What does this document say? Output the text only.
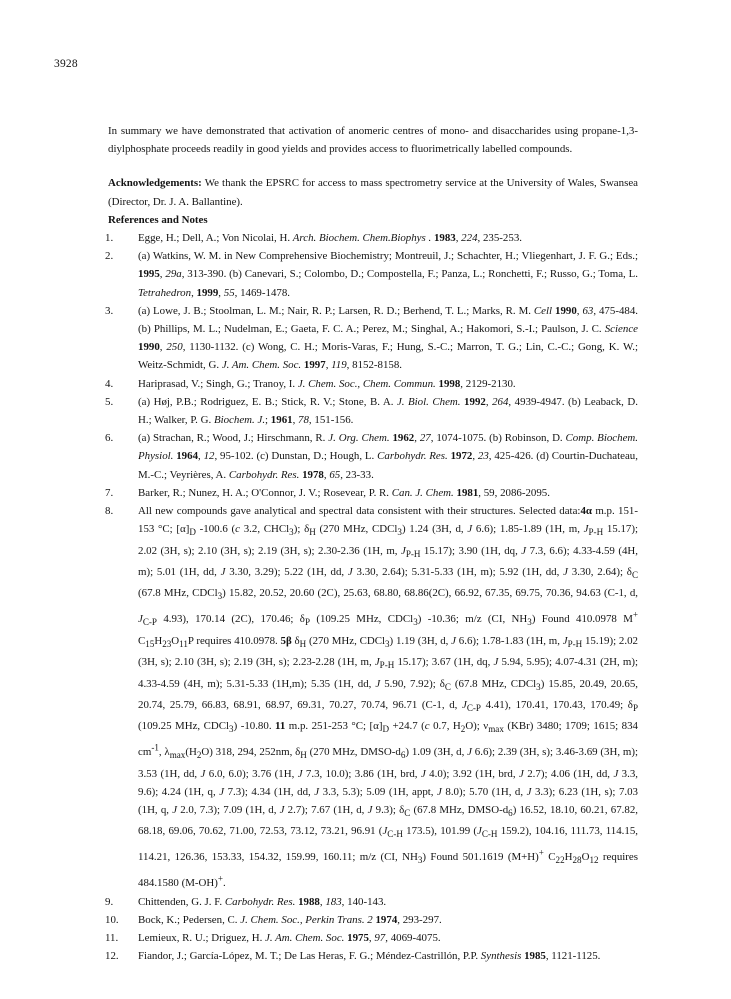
3928

In summary we have demonstrated that activation of anomeric centres of mono- and disaccharides using propane-1,3-diylphosphate proceeds readily in good yields and provides access to fluorimetrically labelled compounds.

Acknowledgements: We thank the EPSRC for access to mass spectrometry service at the University of Wales, Swansea (Director, Dr. J. A. Ballantine).

References and Notes

1. Egge, H.; Dell, A.; Von Nicolai, H. Arch. Biochem. Chem.Biophys . 1983, 224, 235-253.
2. (a) Watkins, W. M. in New Comprehensive Biochemistry; Montreuil, J.; Schachter, H.; Vliegenhart, J. F. G.; Eds.; 1995, 29a, 313-390. (b) Canevari, S.; Colombo, D.; Compostella, F.; Panza, L.; Ronchetti, F.; Russo, G.; Toma, L. Tetrahedron, 1999, 55, 1469-1478.
3. (a) Lowe, J. B.; Stoolman, L. M.; Nair, R. P.; Larsen, R. D.; Berhend, T. L.; Marks, R. M. Cell 1990, 63, 475-484. (b) Phillips, M. L.; Nudelman, E.; Gaeta, F. C. A.; Perez, M.; Singhal, A.; Hakomori, S.-I.; Paulson, J. C. Science 1990, 250, 1130-1132. (c) Wong, C. H.; Moris-Varas, F.; Hung, S.-C.; Marron, T. G.; Lin, C.-C.; Gong, K. W.; Weitz-Schmidt, G. J. Am. Chem. Soc. 1997, 119, 8152-8158.
4. Hariprasad, V.; Singh, G.; Tranoy, I. J. Chem. Soc., Chem. Commun. 1998, 2129-2130.
5. (a) Høj, P.B.; Rodriguez, E. B.; Stick, R. V.; Stone, B. A. J. Biol. Chem. 1992, 264, 4939-4947. (b) Leaback, D. H.; Walker, P. G. Biochem. J.; 1961, 78, 151-156.
6. (a) Strachan, R.; Wood, J.; Hirschmann, R. J. Org. Chem. 1962, 27, 1074-1075. (b) Robinson, D. Comp. Biochem. Physiol. 1964, 12, 95-102. (c) Dunstan, D.; Hough, L. Carbohydr. Res. 1972, 23, 425-426. (d) Courtin-Duchateau, M.-C.; Veyrières, A. Carbohydr. Res. 1978, 65, 23-33.
7. Barker, R.; Nunez, H. A.; O'Connor, J. V.; Rosevear, P. R. Can. J. Chem. 1981, 59, 2086-2095.
8. All new compounds gave analytical and spectral data consistent with their structures. Selected data:4α m.p. 151-153 °C; $[\alpha]_D$ -100.6 (c 3.2, CHCl$_3$); $\delta_H$ (270 MHz, CDCl$_3$) 1.24 (3H, d, J 6.6); 1.85-1.89 (1H, m, $J_{P-H}$ 15.17); 2.02 (3H, s); 2.10 (3H, s); 2.19 (3H, s); 2.30-2.36 (1H, m, $J_{P-H}$ 15.17); 3.90 (1H, dq, J 7.3, 6.6); 4.33-4.59 (4H, m); 5.01 (1H, dd, J 3.30, 3.29); 5.22 (1H, dd, J 3.30, 2.64); 5.31-5.33 (1H, m); 5.92 (1H, dd, J 3.30, 2.64); $\delta_C$ (67.8 MHz, CDCl$_3$) 15.82, 20.52, 20.60 (2C), 25.63, 68.80, 68.86(2C), 66.92, 67.35, 69.75, 70.36, 94.63 (C-1, d, $J_{C-P}$ 4.93), 170.14 (2C), 170.46; $\delta_P$ (109.25 MHz, CDCl$_3$) -10.36; m/z (CI, $NH_3$) Found 410.0978 M+ $C_{15}H_{23}O_{11}P$ requires 410.0978. 5β $\delta_H$ (270 MHz, CDCl$_3$) 1.19 (3H, d, J 6.6); 1.78-1.83 (1H, m, $J_{P-H}$ 15.19); 2.02 (3H, s); 2.10 (3H, s); 2.19 (3H, s); 2.23-2.28 (1H, m, $J_{P-H}$ 15.17); 3.67 (1H, dq, J 5.94, 5.95); 4.07-4.31 (2H, m); 4.33-4.59 (4H, m); 5.31-5.33 (1H,m); 5.35 (1H, dd, J 5.90, 7.92); $\delta_C$ (67.8 MHz, CDCl$_3$) 15.85, 20.49, 20.65, 20.74, 25.79, 66.83, 68.91, 68.97, 69.31, 70.27, 70.74, 96.71 (C-1, d, $J_{C-P}$ 4.41), 170.41, 170.43, 170.49; $\delta_P$ (109.25 MHz, CDCl$_3$) -10.80. 11 m.p. 251-253 °C; $[\alpha]_D +24.7$ (c 0.7, $H_2O$); $\nu_{max}$ (KBr) 3480; 1709; 1615; 834 $cm^{-1}$, $\lambda_{max}(H_2O)$ 318, 294, 252nm, $\delta_H$ (270 MHz, DMSO-$d_6$) 1.09 (3H, d, J 6.6); 2.39 (3H, s); 3.46-3.69 (3H, m); 3.53 (1H, dd, J 6.0, 6.0); 3.76 (1H, J 7.3, 10.0); 3.86 (1H, brd, J 4.0); 3.92 (1H, brd, J 2.7); 4.06 (1H, dd, J 3.3, 9.6); 4.24 (1H, q, J 7.3); 4.34 (1H, dd, J 3.3, 5.3); 5.09 (1H, appt, J 8.0); 5.70 (1H, d, J 3.3); 6.23 (1H, s); 7.03 (1H, q, J 2.0, 7.3); 7.09 (1H, d, J 2.7); 7.67 (1H, d, J 9.3); $\delta_C$ (67.8 MHz, DMSO-$d_6$) 16.52, 18.10, 60.21, 67.82, 68.18, 69.06, 70.62, 71.00, 72.53, 73.12, 73.21, 96.91 ($J_{C-H}$ 173.5), 101.99 ($J_{C-H}$ 159.2), 104.16, 111.73, 114.15, 114.21, 126.36, 153.33, 154.32, 159.99, 160.11; m/z (CI, $NH_3$) Found 501.1619 (M+H)+ $C_{22}H_{28}O_{12}$ requires 484.1580 (M-OH)+.
9. Chittenden, G. J. F. Carbohydr. Res. 1988, 183, 140-143.
10. Bock, K.; Pedersen, C. J. Chem. Soc., Perkin Trans. 2 1974, 293-297.
11. Lemieux, R. U.; Driguez, H. J. Am. Chem. Soc. 1975, 97, 4069-4075.
12. Fiandor, J.; García-López, M. T.; De Las Heras, F. G.; Méndez-Castrillón, P.P. Synthesis 1985, 1121-1125.
